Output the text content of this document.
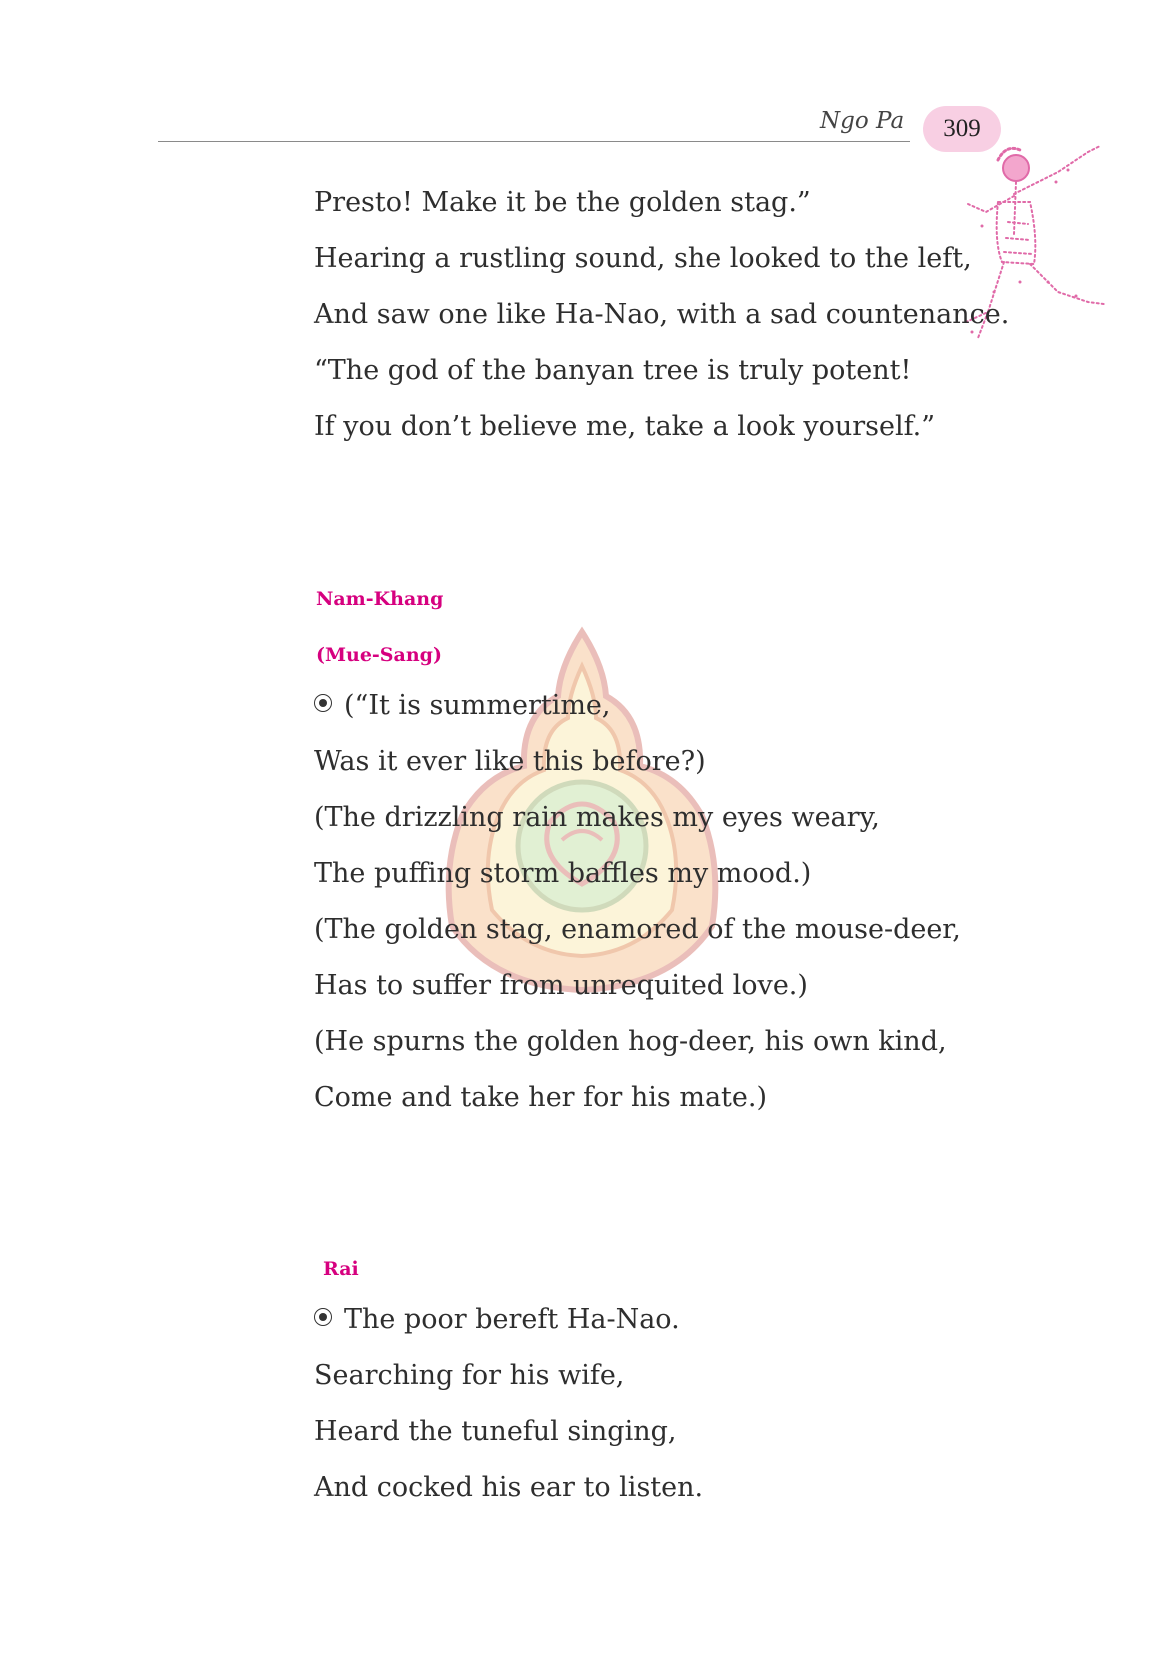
Ngo Pa 309
Presto! Make it be the golden stag.”
Hearing a rustling sound, she looked to the left,
And saw one like Ha-Nao, with a sad countenance.
“The god of the banyan tree is truly potent!
If you don’t believe me, take a look yourself.”
Nam-Khang
(Mue-Sang)
(“It is summertime,
Was it ever like this before?)
(The drizzling rain makes my eyes weary,
The puffing storm baffles my mood.)
(The golden stag, enamored of the mouse-deer,
Has to suffer from unrequited love.)
(He spurns the golden hog-deer, his own kind,
Come and take her for his mate.)
Rai
The poor bereft Ha-Nao.
Searching for his wife,
Heard the tuneful singing,
And cocked his ear to listen.
